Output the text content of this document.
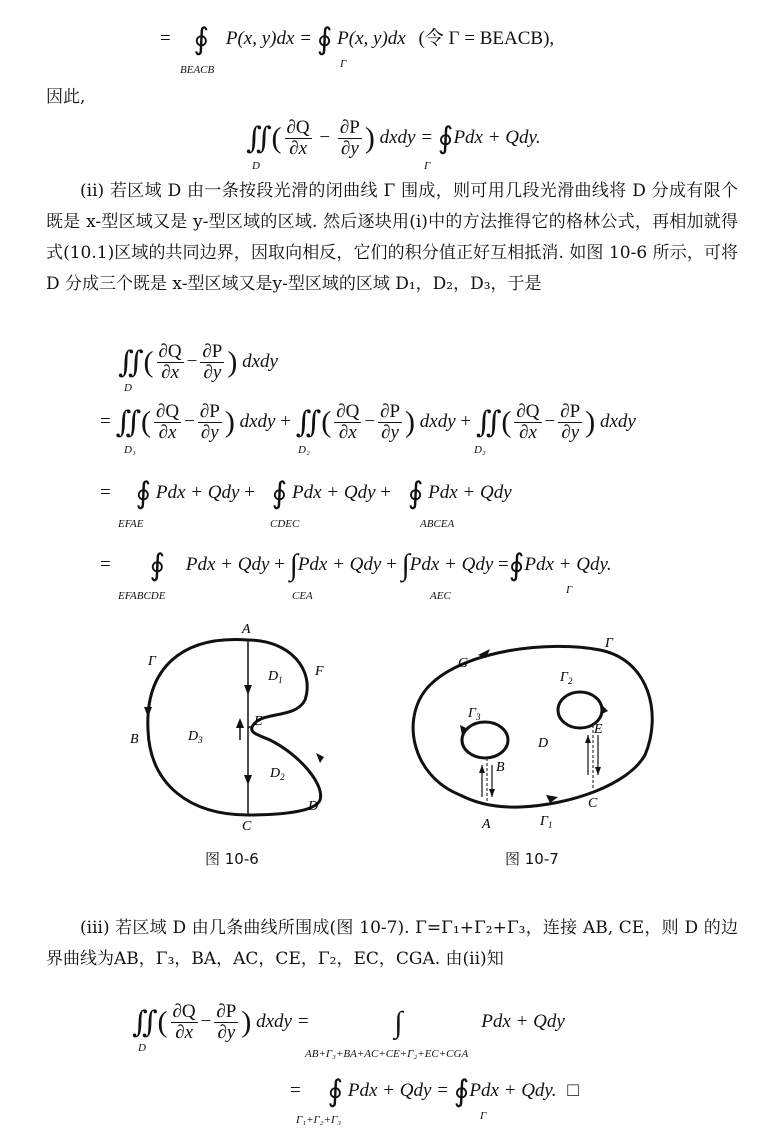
= ∮ P(x, y)dx = ∮ P(x, y)dx (令 Γ = BEACB),
BEACB	Γ
因此,
∬( $\frac{\partial Q}{\partial x} - \frac{\partial P}{\partial y}$ ) dxdy = ∮Pdx + Qdy.
D	Γ
(ii) 若区域 D 由一条按段光滑的闭曲线 Γ 围成，则可用几段光滑曲线将 D 分成有限个既是 x-型区域又是 y-型区域的区域. 然后逐块用(i)中的方法推得它的格林公式，再相加就得式(10.1)区域的共同边界，因取向相反，它们的积分值正好互相抵消. 如图 10-6 所示，可将 D 分成三个既是 x-型区域又是y-型区域的区域 D₁，D₂，D₃，于是
∬( $\frac{\partial Q}{\partial x} - \frac{\partial P}{\partial y}$ ) dxdy
D
= ∬( $\frac{\partial Q}{\partial x} - \frac{\partial P}{\partial y}$ ) dxdy + ∬( $\frac{\partial Q}{\partial x} - \frac{\partial P}{\partial y}$ ) dxdy + ∬( $\frac{\partial Q}{\partial x} - \frac{\partial P}{\partial y}$ ) dxdy
D₁	D₂	D₃
= ∮ Pdx + Qdy + ∮ Pdx + Qdy + ∮ Pdx + Qdy
EFAE	CDEC	ABCEA
= ∮ Pdx + Qdy + ∫Pdx + Qdy + ∫Pdx + Qdy =∮Pdx + Qdy.
EFABCDE	CEA	AEC	Γ
A
Γ
B
F
E
D
C
$D_1$
$D_3$
$D_2$
图 10-6
G
Γ
$\Gamma_3$
$\Gamma_2$
D
B
E
C
A	$\Gamma_1$
图 10-7
(iii) 若区域 D 由几条曲线所围成(图 10-7). Γ=Γ₁+Γ₂+Γ₃，连接 AB, CE，则 D 的边界曲线为AB，Γ₃，BA，AC，CE，Γ₂，EC，CGA. 由(ii)知
∬( $\frac{\partial Q}{\partial x} - \frac{\partial P}{\partial y}$ ) dxdy =	∫	Pdx + Qdy
D	AB+Γ₃+BA+AC+CE+Γ₂+EC+CGA
= ∮ Pdx + Qdy = ∮Pdx + Qdy. □
Γ₁+Γ₂+Γ₃	Γ
